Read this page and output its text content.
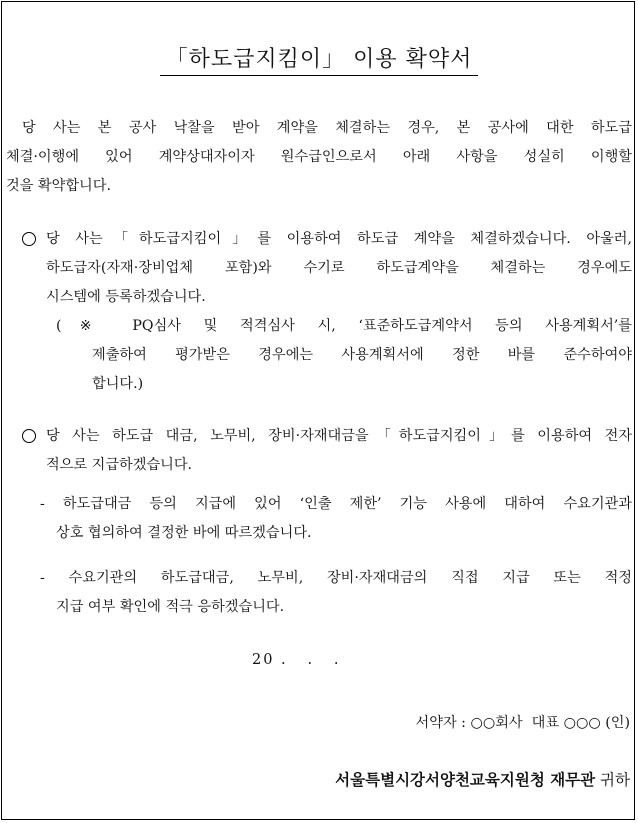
「하도급지킴이」 이용 확약서
당 사는 본 공사 낙찰을 받아 계약을 체결하는 경우, 본 공사에 대한 하도급
체결·이행에 있어 계약상대자이자 원수급인으로서 아래 사항을 성실히 이행할
것을 확약합니다.
당 사는「하도급지킴이」를 이용하여 하도급 계약을 체결하겠습니다. 아울러,
하도급자(자재·장비업체 포함)와 수기로 하도급계약을 체결하는 경우에도
시스템에 등록하겠습니다.
(※ PQ심사 및 적격심사 시, ‘표준하도급계약서 등의 사용계획서’를
제출하여 평가받은 경우에는 사용계획서에 정한 바를 준수하여야
합니다.)
당 사는 하도급 대금, 노무비, 장비·자재대금을「하도급지킴이」를 이용하여 전자
적으로 지급하겠습니다.
- 하도급대금 등의 지급에 있어 ‘인출 제한’ 기능 사용에 대하여 수요기관과
상호 협의하여 결정한 바에 따르겠습니다.
- 수요기관의 하도급대금, 노무비, 장비·자재대금의 직접 지급 또는 적정
지급 여부 확인에 적극 응하겠습니다.
20 .   .   .
서약자 : ○○회사  대표 ○○○ (인)
서울특별시강서양천교육지원청 재무관 귀하
